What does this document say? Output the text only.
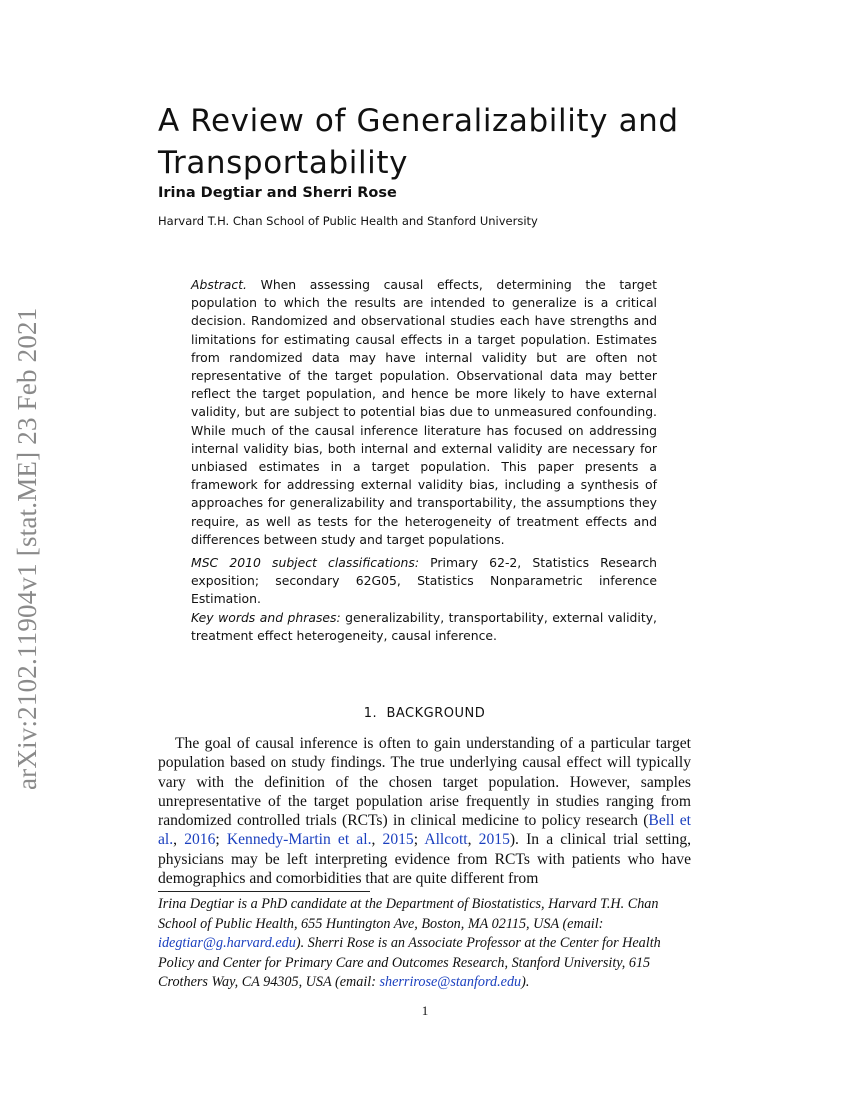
arXiv:2102.11904v1 [stat.ME] 23 Feb 2021
A Review of Generalizability and Transportability
Irina Degtiar and Sherri Rose
Harvard T.H. Chan School of Public Health and Stanford University

Abstract. When assessing causal effects, determining the target population to which the results are intended to generalize is a critical decision. Randomized and observational studies each have strengths and limitations for estimating causal effects in a target population. Estimates from randomized data may have internal validity but are often not representative of the target population. Observational data may better reflect the target population, and hence be more likely to have external validity, but are subject to potential bias due to unmeasured confounding. While much of the causal inference literature has focused on addressing internal validity bias, both internal and external validity are necessary for unbiased estimates in a target population. This paper presents a framework for addressing external validity bias, including a synthesis of approaches for generalizability and transportability, the assumptions they require, as well as tests for the heterogeneity of treatment effects and differences between study and target populations.

MSC 2010 subject classifications: Primary 62-2, Statistics Research exposition; secondary 62G05, Statistics Nonparametric inference Estimation.

Key words and phrases: generalizability, transportability, external validity, treatment effect heterogeneity, causal inference.

1. BACKGROUND

The goal of causal inference is often to gain understanding of a particular target population based on study findings. The true underlying causal effect will typically vary with the definition of the chosen target population. However, samples unrepresentative of the target population arise frequently in studies ranging from randomized controlled trials (RCTs) in clinical medicine to policy research (Bell et al., 2016; Kennedy-Martin et al., 2015; Allcott, 2015). In a clinical trial setting, physicians may be left interpreting evidence from RCTs with patients who have demographics and comorbidities that are quite different from

Irina Degtiar is a PhD candidate at the Department of Biostatistics, Harvard T.H. Chan School of Public Health, 655 Huntington Ave, Boston, MA 02115, USA (email: idegtiar@g.harvard.edu). Sherri Rose is an Associate Professor at the Center for Health Policy and Center for Primary Care and Outcomes Research, Stanford University, 615 Crothers Way, CA 94305, USA (email: sherrirose@stanford.edu).

1
